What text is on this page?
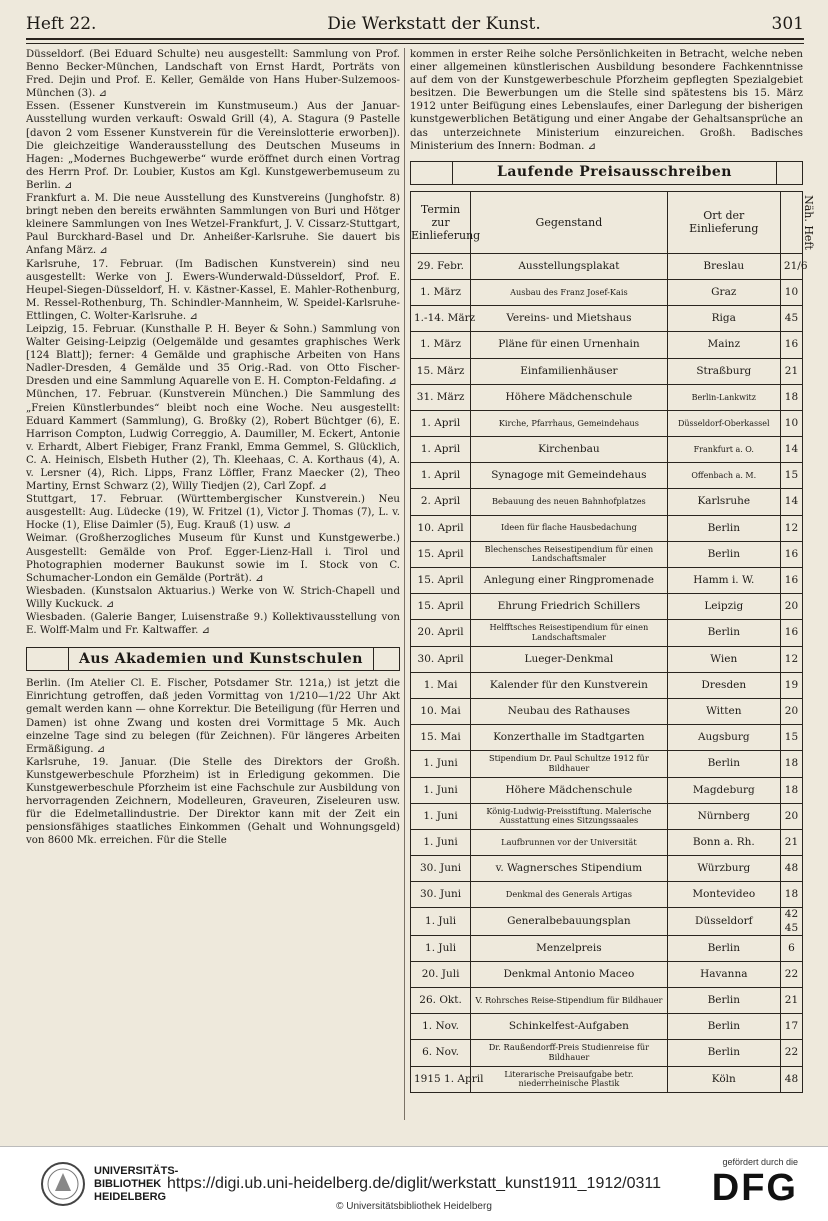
Heft 22.	Die Werkstatt der Kunst.	301

Düsseldorf. (Bei Eduard Schulte) neu ausgestellt: Sammlung von Prof. Benno Becker-München, Landschaft von Ernst Hardt, Porträts von Fred. Dejin und Prof. E. Keller, Gemälde von Hans Huber-Sulzemoos-München (3). ⊿

Essen. (Essener Kunstverein im Kunstmuseum.) Aus der Januar-Ausstellung wurden verkauft: Oswald Grill (4), A. Stagura (9 Pastelle [davon 2 vom Essener Kunstverein für die Vereinslotterie erworben]). Die gleichzeitige Wanderausstellung des Deutschen Museums in Hagen: „Modernes Buchgewerbe“ wurde eröffnet durch einen Vortrag des Herrn Prof. Dr. Loubier, Kustos am Kgl. Kunstgewerbemuseum zu Berlin. ⊿

Frankfurt a. M. Die neue Ausstellung des Kunstvereins (Junghofstr. 8) bringt neben den bereits erwähnten Sammlungen von Buri und Hötger kleinere Sammlungen von Ines Wetzel-Frankfurt, J. V. Cissarz-Stuttgart, Paul Burckhard-Basel und Dr. Anheißer-Karlsruhe. Sie dauert bis Anfang März. ⊿

Karlsruhe, 17. Februar. (Im Badischen Kunstverein) sind neu ausgestellt: Werke von J. Ewers-Wunderwald-Düsseldorf, Prof. E. Heupel-Siegen-Düsseldorf, H. v. Kästner-Kassel, E. Mahler-Rothenburg, M. Ressel-Rothenburg, Th. Schindler-Mannheim, W. Speidel-Karlsruhe-Ettlingen, C. Wolter-Karlsruhe. ⊿

Leipzig, 15. Februar. (Kunsthalle P. H. Beyer & Sohn.) Sammlung von Walter Geising-Leipzig (Oelgemälde und gesamtes graphisches Werk [124 Blatt]); ferner: 4 Gemälde und graphische Arbeiten von Hans Nadler-Dresden, 4 Gemälde und 35 Orig.-Rad. von Otto Fischer-Dresden und eine Sammlung Aquarelle von E. H. Compton-Feldafing. ⊿

München, 17. Februar. (Kunstverein München.) Die Sammlung des „Freien Künstlerbundes“ bleibt noch eine Woche. Neu ausgestellt: Eduard Kammert (Sammlung), G. Broßky (2), Robert Büchtger (6), E. Harrison Compton, Ludwig Correggio, A. Daumiller, M. Eckert, Antonie v. Erhardt, Albert Fiebiger, Franz Frankl, Emma Gemmel, S. Glücklich, C. A. Heinisch, Elsbeth Huther (2), Th. Kleehaas, C. A. Korthaus (4), A. v. Lersner (4), Rich. Lipps, Franz Löffler, Franz Maecker (2), Theo Martiny, Ernst Schwarz (2), Willy Tiedjen (2), Carl Zopf. ⊿

Stuttgart, 17. Februar. (Württembergischer Kunstverein.) Neu ausgestellt: Aug. Lüdecke (19), W. Fritzel (1), Victor J. Thomas (7), L. v. Hocke (1), Elise Daimler (5), Eug. Krauß (1) usw. ⊿

Weimar. (Großherzogliches Museum für Kunst und Kunstgewerbe.) Ausgestellt: Gemälde von Prof. Egger-Lienz-Hall i. Tirol und Photographien moderner Baukunst sowie im I. Stock von C. Schumacher-London ein Gemälde (Porträt). ⊿

Wiesbaden. (Kunstsalon Aktuarius.) Werke von W. Strich-Chapell und Willy Kuckuck. ⊿

Wiesbaden. (Galerie Banger, Luisenstraße 9.) Kollektivausstellung von E. Wolff-Malm und Fr. Kaltwaffer. ⊿

Aus Akademien und Kunstschulen

Berlin. (Im Atelier Cl. E. Fischer, Potsdamer Str. 121a,) ist jetzt die Einrichtung getroffen, daß jeden Vormittag von 1/210—1/22 Uhr Akt gemalt werden kann — ohne Korrektur. Die Beteiligung (für Herren und Damen) ist ohne Zwang und kosten drei Vormittage 5 Mk. Auch einzelne Tage sind zu belegen (für Zeichnen). Für längeres Arbeiten Ermäßigung. ⊿

Karlsruhe, 19. Januar. (Die Stelle des Direktors der Großh. Kunstgewerbeschule Pforzheim) ist in Erledigung gekommen. Die Kunstgewerbeschule Pforzheim ist eine Fachschule zur Ausbildung von hervorragenden Zeichnern, Modelleuren, Graveuren, Ziseleuren usw. für die Edelmetallindustrie. Der Direktor kann mit der Zeit ein pensionsfähiges staatliches Einkommen (Gehalt und Wohnungsgeld) von 8600 Mk. erreichen. Für die Stelle

kommen in erster Reihe solche Persönlichkeiten in Betracht, welche neben einer allgemeinen künstlerischen Ausbildung besondere Fachkenntnisse auf dem von der Kunstgewerbeschule Pforzheim gepflegten Spezialgebiet besitzen. Die Bewerbungen um die Stelle sind spätestens bis 15. März 1912 unter Beifügung eines Lebenslaufes, einer Darlegung der bisherigen kunstgewerblichen Betätigung und einer Angabe der Gehaltsansprüche an das unterzeichnete Ministerium einzureichen. Großh. Badisches Ministerium des Innern: Bodman. ⊿

Laufende Preisausschreiben
Termin zur Einlieferung	Gegenstand	Ort der Einlieferung	Näh. Heft
29. Febr.	Ausstellungsplakat	Breslau	21/6
1. März	Ausbau des Franz Josef-Kais	Graz	10
1.-14. März	Vereins- und Mietshaus	Riga	45
1. März	Pläne für einen Urnenhain	Mainz	16
15. März	Einfamilienhäuser	Straßburg	21
31. März	Höhere Mädchenschule	Berlin-Lankwitz	18
1. April	Kirche, Pfarrhaus, Gemeindehaus	Düsseldorf-Oberkassel	10
1. April	Kirchenbau	Frankfurt a. O.	14
1. April	Synagoge mit Gemeindehaus	Offenbach a. M.	15
2. April	Bebauung des neuen Bahnhofplatzes	Karlsruhe	14
10. April	Ideen für flache Hausbedachung	Berlin	12
15. April	Blechensches Reisestipendium für einen Landschaftsmaler	Berlin	16
15. April	Anlegung einer Ringpromenade	Hamm i. W.	16
15. April	Ehrung Friedrich Schillers	Leipzig	20
20. April	Helfftsches Reisestipendium für einen Landschaftsmaler	Berlin	16
30. April	Lueger-Denkmal	Wien	12
1. Mai	Kalender für den Kunstverein	Dresden	19
10. Mai	Neubau des Rathauses	Witten	20
15. Mai	Konzerthalle im Stadtgarten	Augsburg	15
1. Juni	Stipendium Dr. Paul Schultze 1912 für Bildhauer	Berlin	18
1. Juni	Höhere Mädchenschule	Magdeburg	18
1. Juni	König-Ludwig-Preisstiftung. Malerische Ausstattung eines Sitzungssaales	Nürnberg	20
1. Juni	Laufbrunnen vor der Universität	Bonn a. Rh.	21
30. Juni	v. Wagnersches Stipendium	Würzburg	48
30. Juni	Denkmal des Generals Artigas	Montevideo	18
1. Juli	Generalbebauungsplan	Düsseldorf	42 45
1. Juli	Menzelpreis	Berlin	6
20. Juli	Denkmal Antonio Maceo	Havanna	22
26. Okt.	V. Rohrsches Reise-Stipendium für Bildhauer	Berlin	21
1. Nov.	Schinkelfest-Aufgaben	Berlin	17
6. Nov.	Dr. Raußendorff-Preis Studienreise für Bildhauer	Berlin	22
1915 1. April	Literarische Preisaufgabe betr. niederrheinische Plastik	Köln	48
UNIVERSITÄTS- BIBLIOTHEK HEIDELBERG
https://digi.ub.uni-heidelberg.de/diglit/werkstatt_kunst1911_1912/0311
© Universitätsbibliothek Heidelberg
gefördert durch die
DFG
